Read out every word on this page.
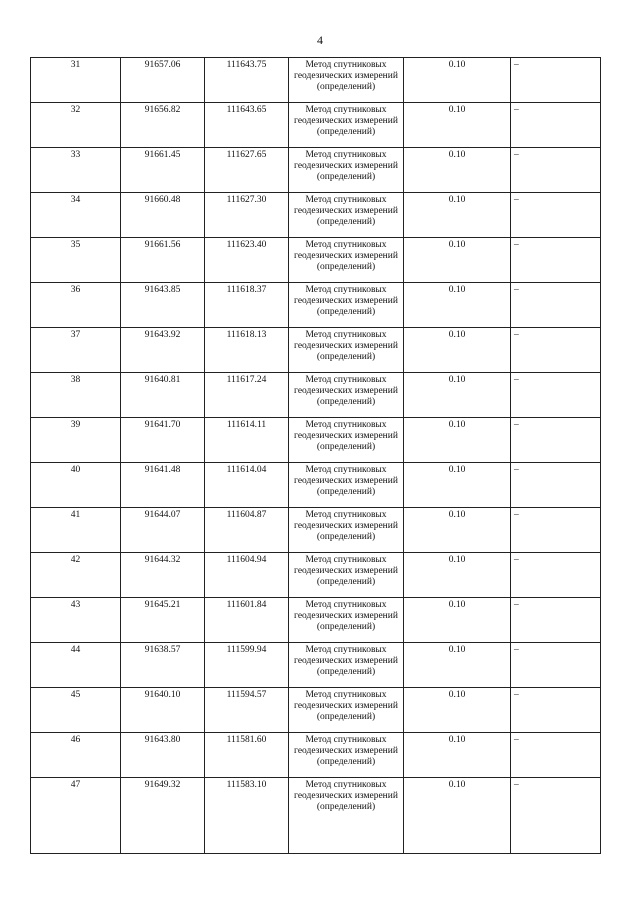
4
31	91657.06	111643.75	Метод спутниковых геодезических измерений (определений)	0.10	–
32	91656.82	111643.65	Метод спутниковых геодезических измерений (определений)	0.10	–
33	91661.45	111627.65	Метод спутниковых геодезических измерений (определений)	0.10	–
34	91660.48	111627.30	Метод спутниковых геодезических измерений (определений)	0.10	–
35	91661.56	111623.40	Метод спутниковых геодезических измерений (определений)	0.10	–
36	91643.85	111618.37	Метод спутниковых геодезических измерений (определений)	0.10	–
37	91643.92	111618.13	Метод спутниковых геодезических измерений (определений)	0.10	–
38	91640.81	111617.24	Метод спутниковых геодезических измерений (определений)	0.10	–
39	91641.70	111614.11	Метод спутниковых геодезических измерений (определений)	0.10	–
40	91641.48	111614.04	Метод спутниковых геодезических измерений (определений)	0.10	–
41	91644.07	111604.87	Метод спутниковых геодезических измерений (определений)	0.10	–
42	91644.32	111604.94	Метод спутниковых геодезических измерений (определений)	0.10	–
43	91645.21	111601.84	Метод спутниковых геодезических измерений (определений)	0.10	–
44	91638.57	111599.94	Метод спутниковых геодезических измерений (определений)	0.10	–
45	91640.10	111594.57	Метод спутниковых геодезических измерений (определений)	0.10	–
46	91643.80	111581.60	Метод спутниковых геодезических измерений (определений)	0.10	–
47	91649.32	111583.10	Метод спутниковых геодезических измерений (определений)	0.10	–
